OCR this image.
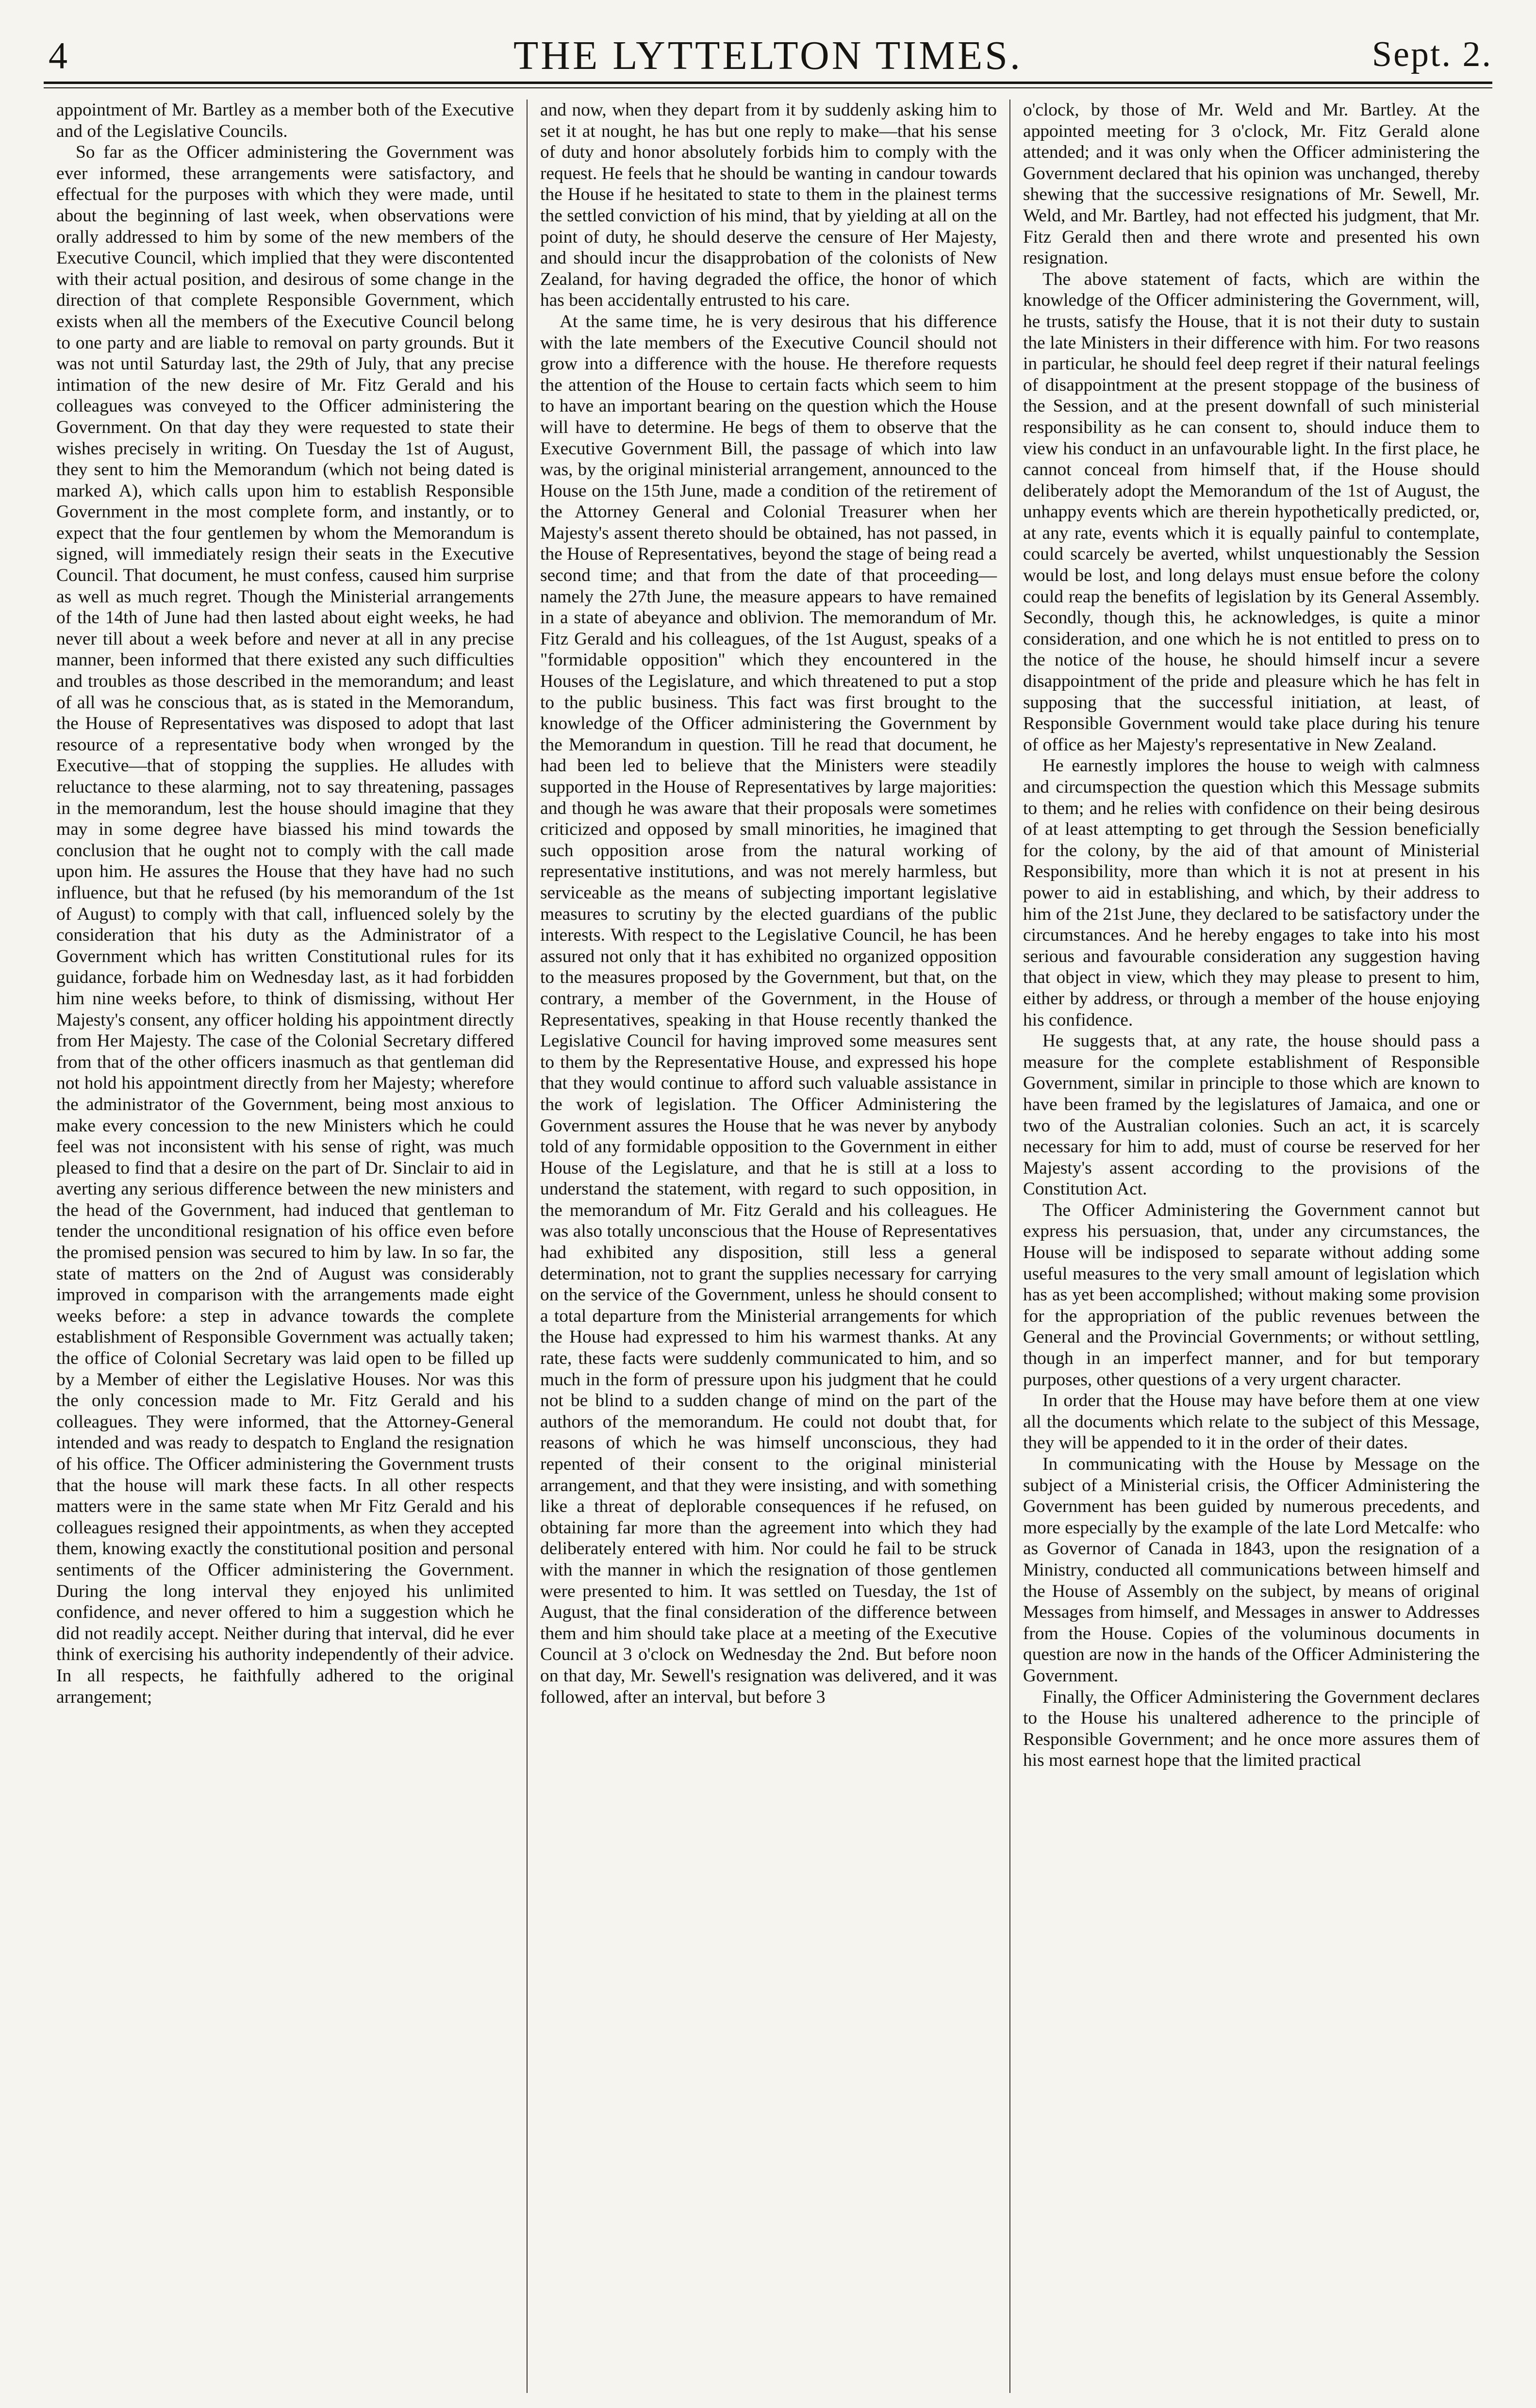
4	THE LYTTELTON TIMES.	Sept. 2.

appointment of Mr. Bartley as a member both of the Executive and of the Legislative Councils.

So far as the Officer administering the Government was ever informed, these arrangements were satisfactory, and effectual for the purposes with which they were made, until about the beginning of last week, when observations were orally addressed to him by some of the new members of the Executive Council, which implied that they were discontented with their actual position, and desirous of some change in the direction of that complete Responsible Government, which exists when all the members of the Executive Council belong to one party and are liable to removal on party grounds. But it was not until Saturday last, the 29th of July, that any precise intimation of the new desire of Mr. Fitz Gerald and his colleagues was conveyed to the Officer administering the Government. On that day they were requested to state their wishes precisely in writing. On Tuesday the 1st of August, they sent to him the Memorandum (which not being dated is marked A), which calls upon him to establish Responsible Government in the most complete form, and instantly, or to expect that the four gentlemen by whom the Memorandum is signed, will immediately resign their seats in the Executive Council. That document, he must confess, caused him surprise as well as much regret. Though the Ministerial arrangements of the 14th of June had then lasted about eight weeks, he had never till about a week before and never at all in any precise manner, been informed that there existed any such difficulties and troubles as those described in the memorandum; and least of all was he conscious that, as is stated in the Memorandum, the House of Representatives was disposed to adopt that last resource of a representative body when wronged by the Executive—that of stopping the supplies. He alludes with reluctance to these alarming, not to say threatening, passages in the memorandum, lest the house should imagine that they may in some degree have biassed his mind towards the conclusion that he ought not to comply with the call made upon him. He assures the House that they have had no such influence, but that he refused (by his memorandum of the 1st of August) to comply with that call, influenced solely by the consideration that his duty as the Administrator of a Government which has written Constitutional rules for its guidance, forbade him on Wednesday last, as it had forbidden him nine weeks before, to think of dismissing, without Her Majesty's consent, any officer holding his appointment directly from Her Majesty. The case of the Colonial Secretary differed from that of the other officers inasmuch as that gentleman did not hold his appointment directly from her Majesty; wherefore the administrator of the Government, being most anxious to make every concession to the new Ministers which he could feel was not inconsistent with his sense of right, was much pleased to find that a desire on the part of Dr. Sinclair to aid in averting any serious difference between the new ministers and the head of the Government, had induced that gentleman to tender the unconditional resignation of his office even before the promised pension was secured to him by law. In so far, the state of matters on the 2nd of August was considerably improved in comparison with the arrangements made eight weeks before: a step in advance towards the complete establishment of Responsible Government was actually taken; the office of Colonial Secretary was laid open to be filled up by a Member of either the Legislative Houses. Nor was this the only concession made to Mr. Fitz Gerald and his colleagues. They were informed, that the Attorney-General intended and was ready to despatch to England the resignation of his office. The Officer administering the Government trusts that the house will mark these facts. In all other respects matters were in the same state when Mr Fitz Gerald and his colleagues resigned their appointments, as when they accepted them, knowing exactly the constitutional position and personal sentiments of the Officer administering the Government. During the long interval they enjoyed his unlimited confidence, and never offered to him a suggestion which he did not readily accept. Neither during that interval, did he ever think of exercising his authority independently of their advice. In all respects, he faithfully adhered to the original arrangement;

and now, when they depart from it by suddenly asking him to set it at nought, he has but one reply to make—that his sense of duty and honor absolutely forbids him to comply with the request. He feels that he should be wanting in candour towards the House if he hesitated to state to them in the plainest terms the settled conviction of his mind, that by yielding at all on the point of duty, he should deserve the censure of Her Majesty, and should incur the disapprobation of the colonists of New Zealand, for having degraded the office, the honor of which has been accidentally entrusted to his care.

At the same time, he is very desirous that his difference with the late members of the Executive Council should not grow into a difference with the house. He therefore requests the attention of the House to certain facts which seem to him to have an important bearing on the question which the House will have to determine. He begs of them to observe that the Executive Government Bill, the passage of which into law was, by the original ministerial arrangement, announced to the House on the 15th June, made a condition of the retirement of the Attorney General and Colonial Treasurer when her Majesty's assent thereto should be obtained, has not passed, in the House of Representatives, beyond the stage of being read a second time; and that from the date of that proceeding—namely the 27th June, the measure appears to have remained in a state of abeyance and oblivion. The memorandum of Mr. Fitz Gerald and his colleagues, of the 1st August, speaks of a "formidable opposition" which they encountered in the Houses of the Legislature, and which threatened to put a stop to the public business. This fact was first brought to the knowledge of the Officer administering the Government by the Memorandum in question. Till he read that document, he had been led to believe that the Ministers were steadily supported in the House of Representatives by large majorities: and though he was aware that their proposals were sometimes criticized and opposed by small minorities, he imagined that such opposition arose from the natural working of representative institutions, and was not merely harmless, but serviceable as the means of subjecting important legislative measures to scrutiny by the elected guardians of the public interests. With respect to the Legislative Council, he has been assured not only that it has exhibited no organized opposition to the measures proposed by the Government, but that, on the contrary, a member of the Government, in the House of Representatives, speaking in that House recently thanked the Legislative Council for having improved some measures sent to them by the Representative House, and expressed his hope that they would continue to afford such valuable assistance in the work of legislation. The Officer Administering the Government assures the House that he was never by anybody told of any formidable opposition to the Government in either House of the Legislature, and that he is still at a loss to understand the statement, with regard to such opposition, in the memorandum of Mr. Fitz Gerald and his colleagues. He was also totally unconscious that the House of Representatives had exhibited any disposition, still less a general determination, not to grant the supplies necessary for carrying on the service of the Government, unless he should consent to a total departure from the Ministerial arrangements for which the House had expressed to him his warmest thanks. At any rate, these facts were suddenly communicated to him, and so much in the form of pressure upon his judgment that he could not be blind to a sudden change of mind on the part of the authors of the memorandum. He could not doubt that, for reasons of which he was himself unconscious, they had repented of their consent to the original ministerial arrangement, and that they were insisting, and with something like a threat of deplorable consequences if he refused, on obtaining far more than the agreement into which they had deliberately entered with him. Nor could he fail to be struck with the manner in which the resignation of those gentlemen were presented to him. It was settled on Tuesday, the 1st of August, that the final consideration of the difference between them and him should take place at a meeting of the Executive Council at 3 o'clock on Wednesday the 2nd. But before noon on that day, Mr. Sewell's resignation was delivered, and it was followed, after an interval, but before 3

o'clock, by those of Mr. Weld and Mr. Bartley. At the appointed meeting for 3 o'clock, Mr. Fitz Gerald alone attended; and it was only when the Officer administering the Government declared that his opinion was unchanged, thereby shewing that the successive resignations of Mr. Sewell, Mr. Weld, and Mr. Bartley, had not effected his judgment, that Mr. Fitz Gerald then and there wrote and presented his own resignation.

The above statement of facts, which are within the knowledge of the Officer administering the Government, will, he trusts, satisfy the House, that it is not their duty to sustain the late Ministers in their difference with him. For two reasons in particular, he should feel deep regret if their natural feelings of disappointment at the present stoppage of the business of the Session, and at the present downfall of such ministerial responsibility as he can consent to, should induce them to view his conduct in an unfavourable light. In the first place, he cannot conceal from himself that, if the House should deliberately adopt the Memorandum of the 1st of August, the unhappy events which are therein hypothetically predicted, or, at any rate, events which it is equally painful to contemplate, could scarcely be averted, whilst unquestionably the Session would be lost, and long delays must ensue before the colony could reap the benefits of legislation by its General Assembly. Secondly, though this, he acknowledges, is quite a minor consideration, and one which he is not entitled to press on to the notice of the house, he should himself incur a severe disappointment of the pride and pleasure which he has felt in supposing that the successful initiation, at least, of Responsible Government would take place during his tenure of office as her Majesty's representative in New Zealand.

He earnestly implores the house to weigh with calmness and circumspection the question which this Message submits to them; and he relies with confidence on their being desirous of at least attempting to get through the Session beneficially for the colony, by the aid of that amount of Ministerial Responsibility, more than which it is not at present in his power to aid in establishing, and which, by their address to him of the 21st June, they declared to be satisfactory under the circumstances. And he hereby engages to take into his most serious and favourable consideration any suggestion having that object in view, which they may please to present to him, either by address, or through a member of the house enjoying his confidence.

He suggests that, at any rate, the house should pass a measure for the complete establishment of Responsible Government, similar in principle to those which are known to have been framed by the legislatures of Jamaica, and one or two of the Australian colonies. Such an act, it is scarcely necessary for him to add, must of course be reserved for her Majesty's assent according to the provisions of the Constitution Act.

The Officer Administering the Government cannot but express his persuasion, that, under any circumstances, the House will be indisposed to separate without adding some useful measures to the very small amount of legislation which has as yet been accomplished; without making some provision for the appropriation of the public revenues between the General and the Provincial Governments; or without settling, though in an imperfect manner, and for but temporary purposes, other questions of a very urgent character.

In order that the House may have before them at one view all the documents which relate to the subject of this Message, they will be appended to it in the order of their dates.

In communicating with the House by Message on the subject of a Ministerial crisis, the Officer Administering the Government has been guided by numerous precedents, and more especially by the example of the late Lord Metcalfe: who as Governor of Canada in 1843, upon the resignation of a Ministry, conducted all communications between himself and the House of Assembly on the subject, by means of original Messages from himself, and Messages in answer to Addresses from the House. Copies of the voluminous documents in question are now in the hands of the Officer Administering the Government.

Finally, the Officer Administering the Government declares to the House his unaltered adherence to the principle of Responsible Government; and he once more assures them of his most earnest hope that the limited practical
